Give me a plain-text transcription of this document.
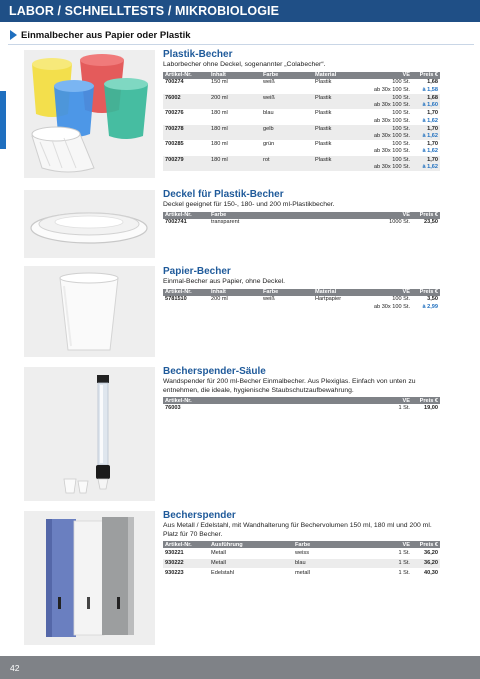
LABOR / SCHNELLTESTS / MIKROBIOLOGIE
Einmalbecher aus Papier oder Plastik
Plastik-Becher
Laborbecher ohne Deckel, sogenannter „Colabecher“.
Artikel-Nr.	Inhalt	Farbe	Material	VE	Preis €
700274	150 ml	weiß	Plastik	100 St.	1,68
				ab 30x 100 St.	à 1,58
76002	200 ml	weiß	Plastik	100 St.	1,68
				ab 30x 100 St.	à 1,60
700276	180 ml	blau	Plastik	100 St.	1,70
				ab 30x 100 St.	à 1,62
700278	180 ml	gelb	Plastik	100 St.	1,70
				ab 30x 100 St.	à 1,62
700285	180 ml	grün	Plastik	100 St.	1,70
				ab 30x 100 St.	à 1,62
700279	180 ml	rot	Plastik	100 St.	1,70
				ab 30x 100 St.	à 1,62
Deckel für Plastik-Becher
Deckel geeignet für 150-, 180- und 200 ml-Plastikbecher.
Artikel-Nr.	Farbe	VE	Preis €
7002741	transparent	1000 St.	23,50
Papier-Becher
Einmal-Becher aus Papier, ohne Deckel.
Artikel-Nr.	Inhalt	Farbe	Material	VE	Preis €
5781510	200 ml	weiß	Hartpapier	100 St.	3,50
				ab 30x 100 St.	à 2,99
Becherspender-Säule
Wandspender für 200 ml-Becher Einmalbecher. Aus Plexiglas. Einfach von unten zu entnehmen, die ideale, hygienische Staubschutzaufbewahrung.
Artikel-Nr.	VE	Preis €
76003	1 St.	19,00
Becherspender
Aus Metall / Edelstahl, mit Wandhalterung für Bechervolumen 150 ml, 180 ml und 200 ml. Platz für 70 Becher.
Artikel-Nr.	Ausführung	Farbe	VE	Preis €
930221	Metall	weiss	1 St.	36,20
930222	Metall	blau	1 St.	36,20
930223	Edelstahl	metall	1 St.	40,30
42
